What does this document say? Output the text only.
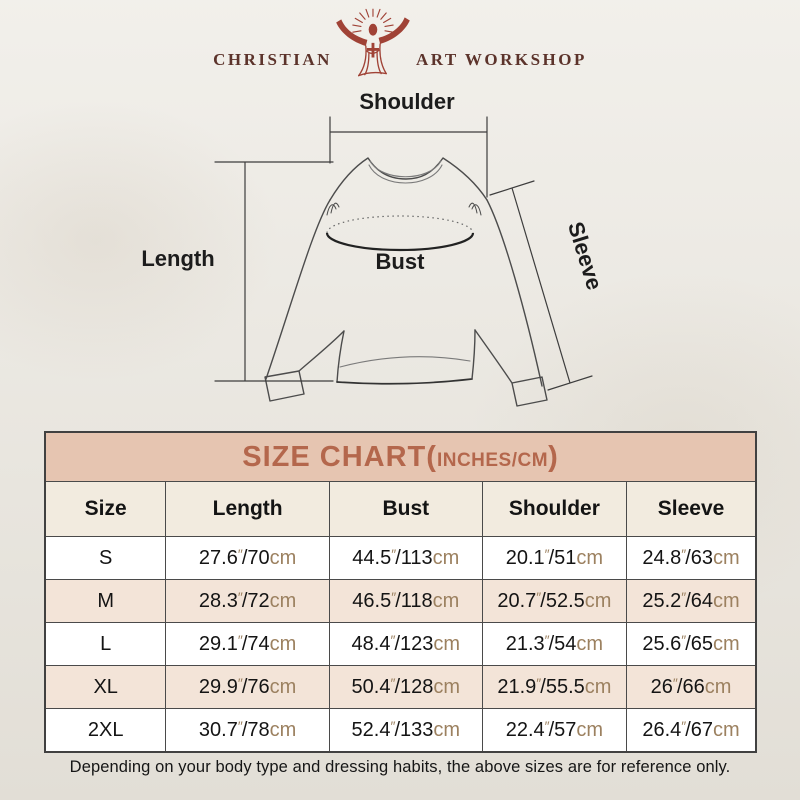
CHRISTIAN	ART WORKSHOP
Shoulder
Length	Bust	Sleeve
SIZE CHART(INCHES/CM)				
Size	Length	Bust	Shoulder	Sleeve
S	27.6″/70cm	44.5″/113cm	20.1″/51cm	24.8″/63cm
M	28.3″/72cm	46.5″/118cm	20.7″/52.5cm	25.2″/64cm
L	29.1″/74cm	48.4″/123cm	21.3″/54cm	25.6″/65cm
XL	29.9″/76cm	50.4″/128cm	21.9″/55.5cm	26″/66cm
2XL	30.7″/78cm	52.4″/133cm	22.4″/57cm	26.4″/67cm
Depending on your body type and dressing habits, the above sizes are for reference only.
